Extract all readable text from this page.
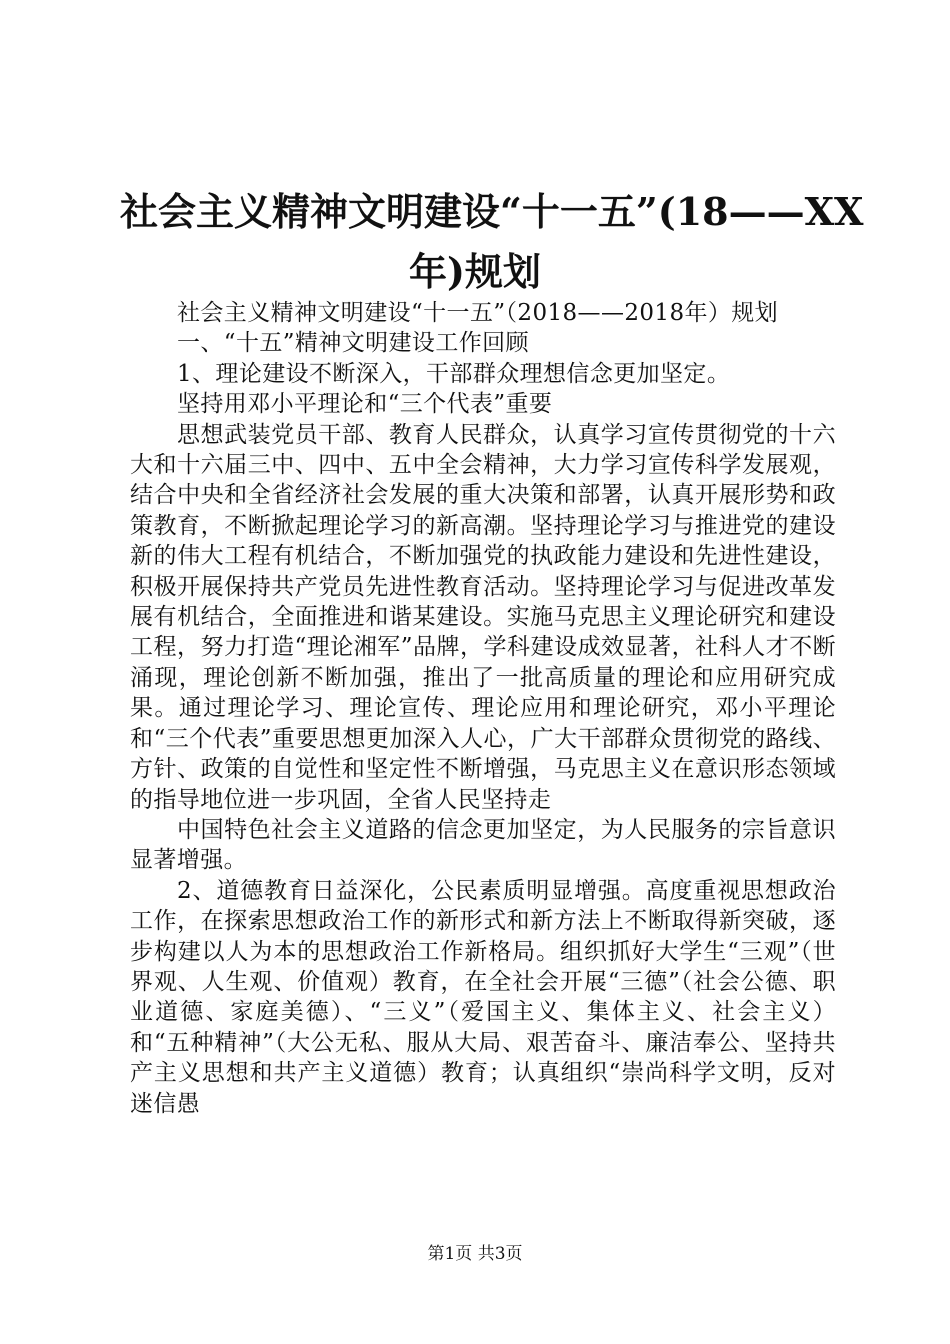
社会主义精神文明建设“十一五”(18——XX
年)规划

社会主义精神文明建设“十一五”（2018——2018年）规划

一、“十五”精神文明建设工作回顾

1、理论建设不断深入，干部群众理想信念更加坚定。

坚持用邓小平理论和“三个代表”重要

思想武装党员干部、教育人民群众，认真学习宣传贯彻党的十六大和十六届三中、四中、五中全会精神，大力学习宣传科学发展观，结合中央和全省经济社会发展的重大决策和部署，认真开展形势和政策教育，不断掀起理论学习的新高潮。坚持理论学习与推进党的建设新的伟大工程有机结合，不断加强党的执政能力建设和先进性建设，积极开展保持共产党员先进性教育活动。坚持理论学习与促进改革发展有机结合，全面推进和谐某建设。实施马克思主义理论研究和建设工程，努力打造“理论湘军”品牌，学科建设成效显著，社科人才不断涌现，理论创新不断加强，推出了一批高质量的理论和应用研究成果。通过理论学习、理论宣传、理论应用和理论研究，邓小平理论和“三个代表”重要思想更加深入人心，广大干部群众贯彻党的路线、方针、政策的自觉性和坚定性不断增强，马克思主义在意识形态领域的指导地位进一步巩固，全省人民坚持走

中国特色社会主义道路的信念更加坚定，为人民服务的宗旨意识显著增强。

2、道德教育日益深化，公民素质明显增强。高度重视思想政治工作，在探索思想政治工作的新形式和新方法上不断取得新突破，逐步构建以人为本的思想政治工作新格局。组织抓好大学生“三观”（世界观、人生观、价值观）教育，在全社会开展“三德”（社会公德、职业道德、家庭美德）、“三义”（爱国主义、集体主义、社会主义）和“五种精神”（大公无私、服从大局、艰苦奋斗、廉洁奉公、坚持共产主义思想和共产主义道德）教育；认真组织“崇尚科学文明，反对迷信愚

第1页 共3页
